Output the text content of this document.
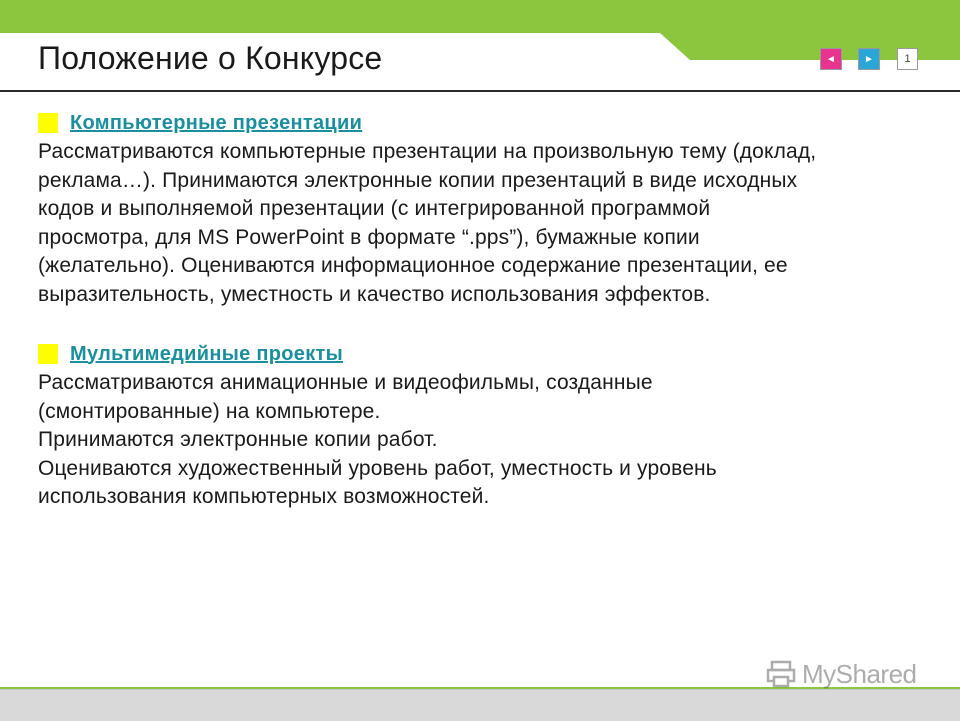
Положение о Конкурсе	◄	►	1
Компьютерные презентации

Рассматриваются компьютерные презентации на произвольную тему (доклад,
реклама…). Принимаются электронные копии презентаций в виде исходных
кодов и выполняемой презентации (с интегрированной программой
просмотра, для MS PowerPoint в формате “.pps”), бумажные копии
(желательно). Оцениваются информационное содержание презентации, ее
выразительность, уместность и качество использования эффектов.

Мультимедийные проекты

Рассматриваются анимационные и видеофильмы, созданные
(смонтированные) на компьютере.
Принимаются электронные копии работ.
Оцениваются художественный уровень работ, уместность и уровень
использования компьютерных возможностей.

MyShared
